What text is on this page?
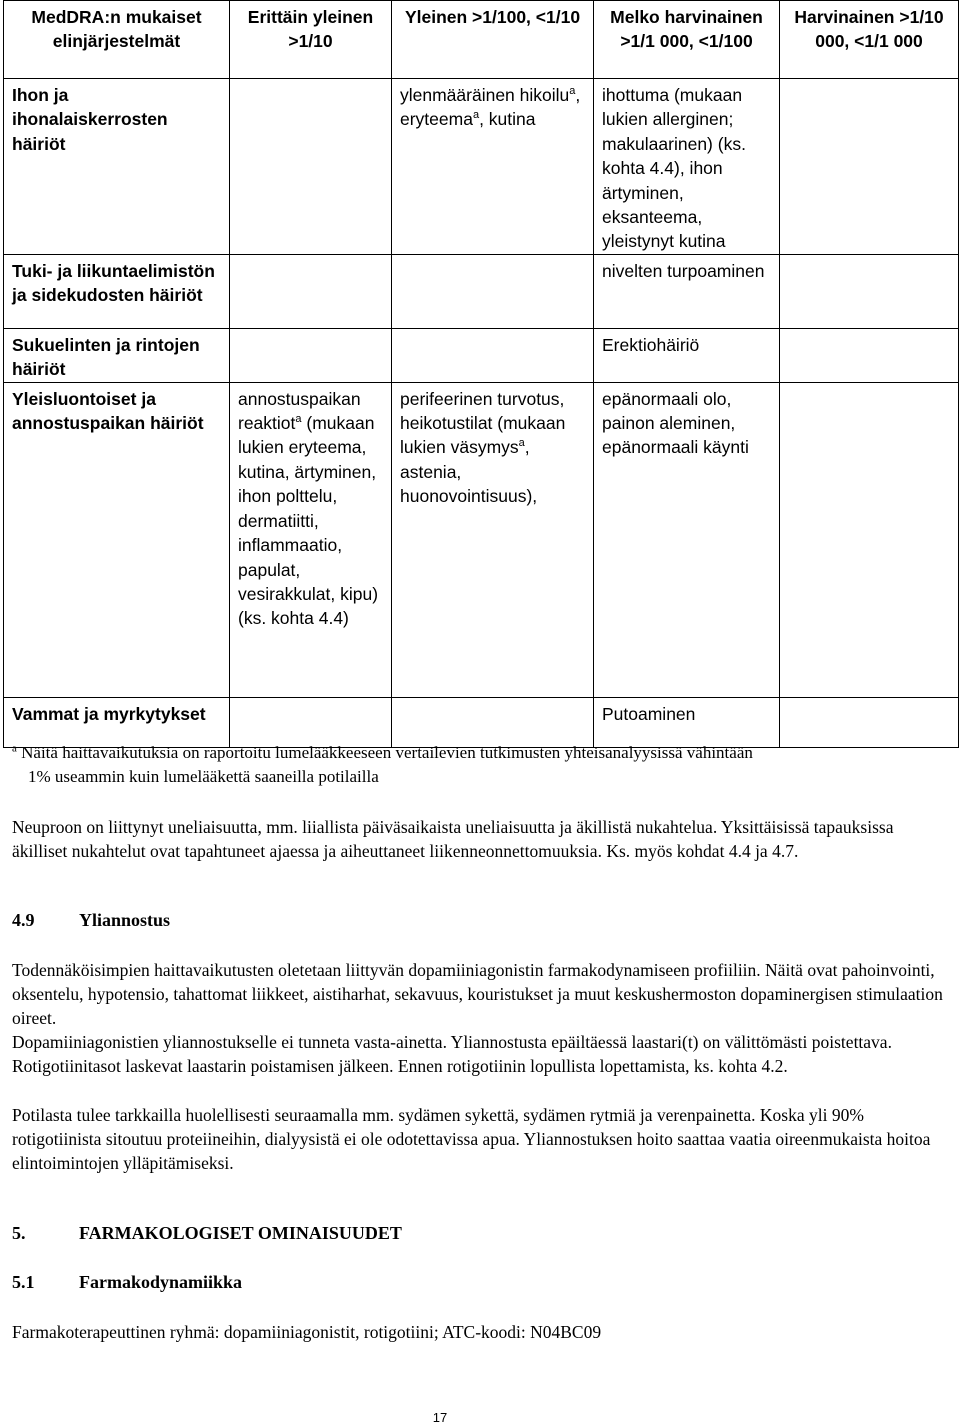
MedDRA:n mukaiset elinjärjestelmät	Erittäin yleinen >1/10	Yleinen >1/100, <1/10	Melko harvinainen >1/1 000, <1/100	Harvinainen >1/10 000, <1/1 000
Ihon ja ihonalaiskerrosten häiriöt		ylenmääräinen hikoilu$^a$, eryteema$^a$, kutina	ihottuma (mukaan lukien allerginen; makulaarinen) (ks. kohta 4.4), ihon ärtyminen, eksanteema, yleistynyt kutina	
Tuki- ja liikuntaelimistön ja sidekudosten häiriöt			nivelten turpoaminen	
Sukuelinten ja rintojen häiriöt			Erektiohäiriö	
Yleisluontoiset ja annostuspaikan häiriöt	annostuspaikan reaktiot$^a$ (mukaan lukien eryteema, kutina, ärtyminen, ihon polttelu, dermatiitti, inflammaatio, papulat, vesirakkulat, kipu) (ks. kohta 4.4)	perifeerinen turvotus, heikotustilat (mukaan lukien väsymys$^a$, astenia, huonovointisuus),	epänormaali olo, painon aleminen, epänormaali käynti	
Vammat ja myrkytykset			Putoaminen	
$^a$ Näitä haittavaikutuksia on raportoitu lumelääkkeeseen vertailevien tutkimusten yhteisanalyysissä vähintään
1% useammin kuin lumelääkettä saaneilla potilailla
Neuproon on liittynyt uneliaisuutta, mm. liiallista päiväsaikaista uneliaisuutta ja äkillistä nukahtelua. Yksittäisissä tapauksissa äkilliset nukahtelut ovat tapahtuneet ajaessa ja aiheuttaneet liikenneonnettomuuksia. Ks. myös kohdat 4.4 ja 4.7.
4.9 Yliannostus
Todennäköisimpien haittavaikutusten oletetaan liittyvän dopamiiniagonistin farmakodynamiseen profiiliin. Näitä ovat pahoinvointi, oksentelu, hypotensio, tahattomat liikkeet, aistiharhat, sekavuus, kouristukset ja muut keskushermoston dopaminergisen stimulaation oireet.
Dopamiiniagonistien yliannostukselle ei tunneta vasta-ainetta. Yliannostusta epäiltäessä laastari(t) on välittömästi poistettava. Rotigotiinitasot laskevat laastarin poistamisen jälkeen. Ennen rotigotiinin lopullista lopettamista, ks. kohta 4.2.
Potilasta tulee tarkkailla huolellisesti seuraamalla mm. sydämen sykettä, sydämen rytmiä ja verenpainetta. Koska yli 90% rotigotiinista sitoutuu proteiineihin, dialyysistä ei ole odotettavissa apua. Yliannostuksen hoito saattaa vaatia oireenmukaista hoitoa elintoimintojen ylläpitämiseksi.
5.	FARMAKOLOGISET OMINAISUUDET
5.1 Farmakodynamiikka
Farmakoterapeuttinen ryhmä: dopamiiniagonistit, rotigotiini; ATC-koodi: N04BC09
17
